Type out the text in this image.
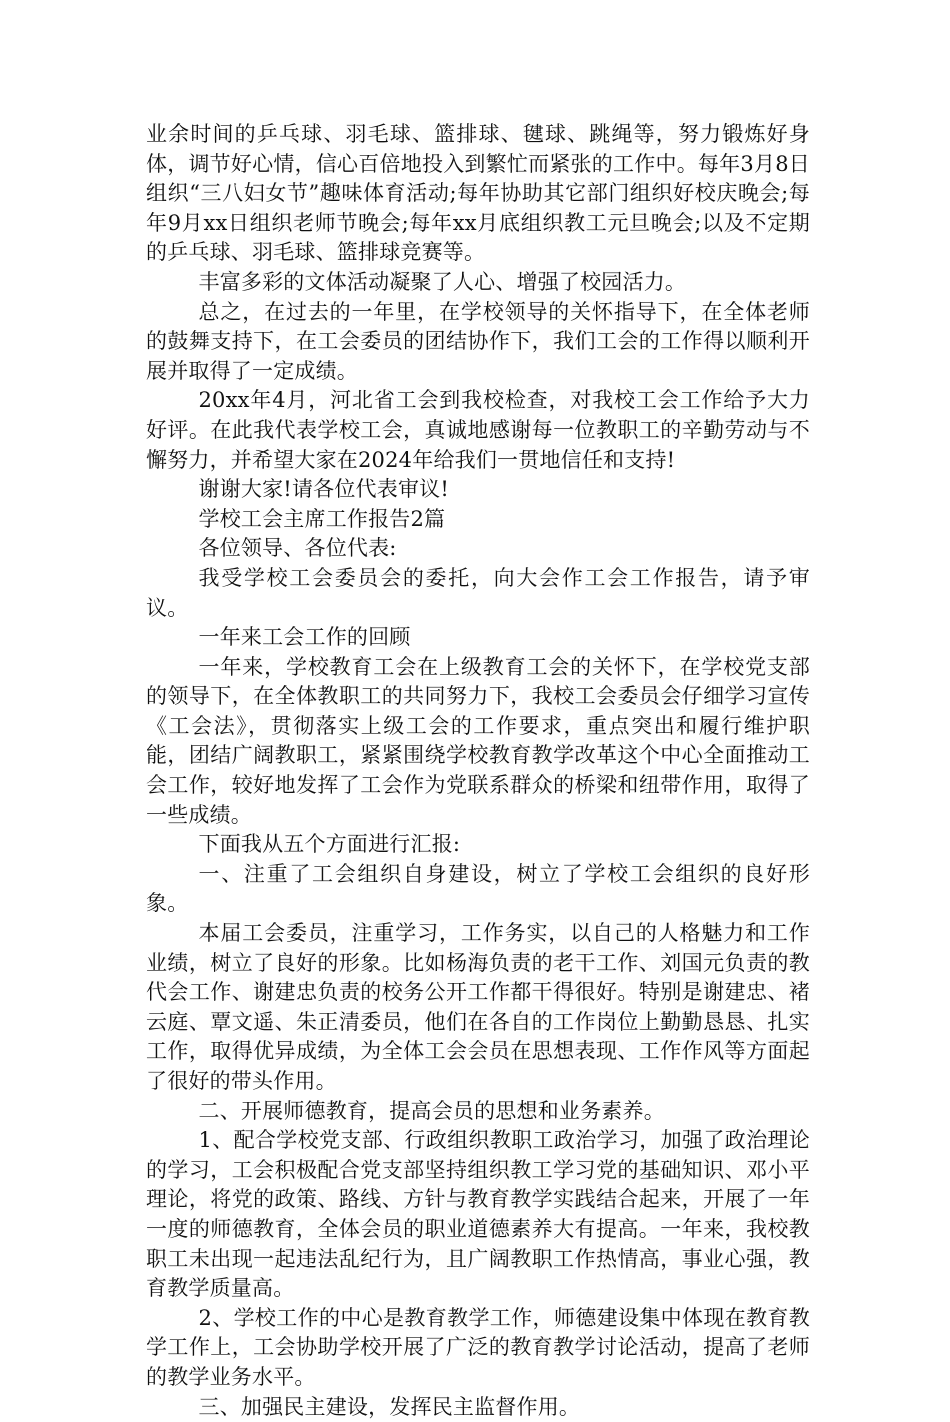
业余时间的乒乓球、羽毛球、篮排球、毽球、跳绳等，努力锻炼好身体，调节好心情，信心百倍地投入到繁忙而紧张的工作中。每年3月8日组织“三八妇女节”趣味体育活动;每年协助其它部门组织好校庆晚会;每年9月xx日组织老师节晚会;每年xx月底组织教工元旦晚会;以及不定期的乒乓球、羽毛球、篮排球竞赛等。

丰富多彩的文体活动凝聚了人心、增强了校园活力。

总之，在过去的一年里，在学校领导的关怀指导下，在全体老师的鼓舞支持下，在工会委员的团结协作下，我们工会的工作得以顺利开展并取得了一定成绩。

20xx年4月，河北省工会到我校检查，对我校工会工作给予大力好评。在此我代表学校工会，真诚地感谢每一位教职工的辛勤劳动与不懈努力，并希望大家在2024年给我们一贯地信任和支持!

谢谢大家!请各位代表审议!

学校工会主席工作报告2篇

各位领导、各位代表:

我受学校工会委员会的委托，向大会作工会工作报告，请予审议。

一年来工会工作的回顾

一年来，学校教育工会在上级教育工会的关怀下，在学校党支部的领导下，在全体教职工的共同努力下，我校工会委员会仔细学习宣传《工会法》，贯彻落实上级工会的工作要求，重点突出和履行维护职能，团结广阔教职工，紧紧围绕学校教育教学改革这个中心全面推动工会工作，较好地发挥了工会作为党联系群众的桥梁和纽带作用，取得了一些成绩。

下面我从五个方面进行汇报:

一、注重了工会组织自身建设，树立了学校工会组织的良好形象。

本届工会委员，注重学习，工作务实，以自己的人格魅力和工作业绩，树立了良好的形象。比如杨海负责的老干工作、刘国元负责的教代会工作、谢建忠负责的校务公开工作都干得很好。特别是谢建忠、褚云庭、覃文遥、朱正清委员，他们在各自的工作岗位上勤勤恳恳、扎实工作，取得优异成绩，为全体工会会员在思想表现、工作作风等方面起了很好的带头作用。

二、开展师德教育，提高会员的思想和业务素养。

1、配合学校党支部、行政组织教职工政治学习，加强了政治理论的学习，工会积极配合党支部坚持组织教工学习党的基础知识、邓小平理论，将党的政策、路线、方针与教育教学实践结合起来，开展了一年一度的师德教育，全体会员的职业道德素养大有提高。一年来，我校教职工未出现一起违法乱纪行为，且广阔教职工作热情高，事业心强，教育教学质量高。

2、学校工作的中心是教育教学工作，师德建设集中体现在教育教学工作上，工会协助学校开展了广泛的教育教学讨论活动，提高了老师的教学业务水平。

三、加强民主建设，发挥民主监督作用。
